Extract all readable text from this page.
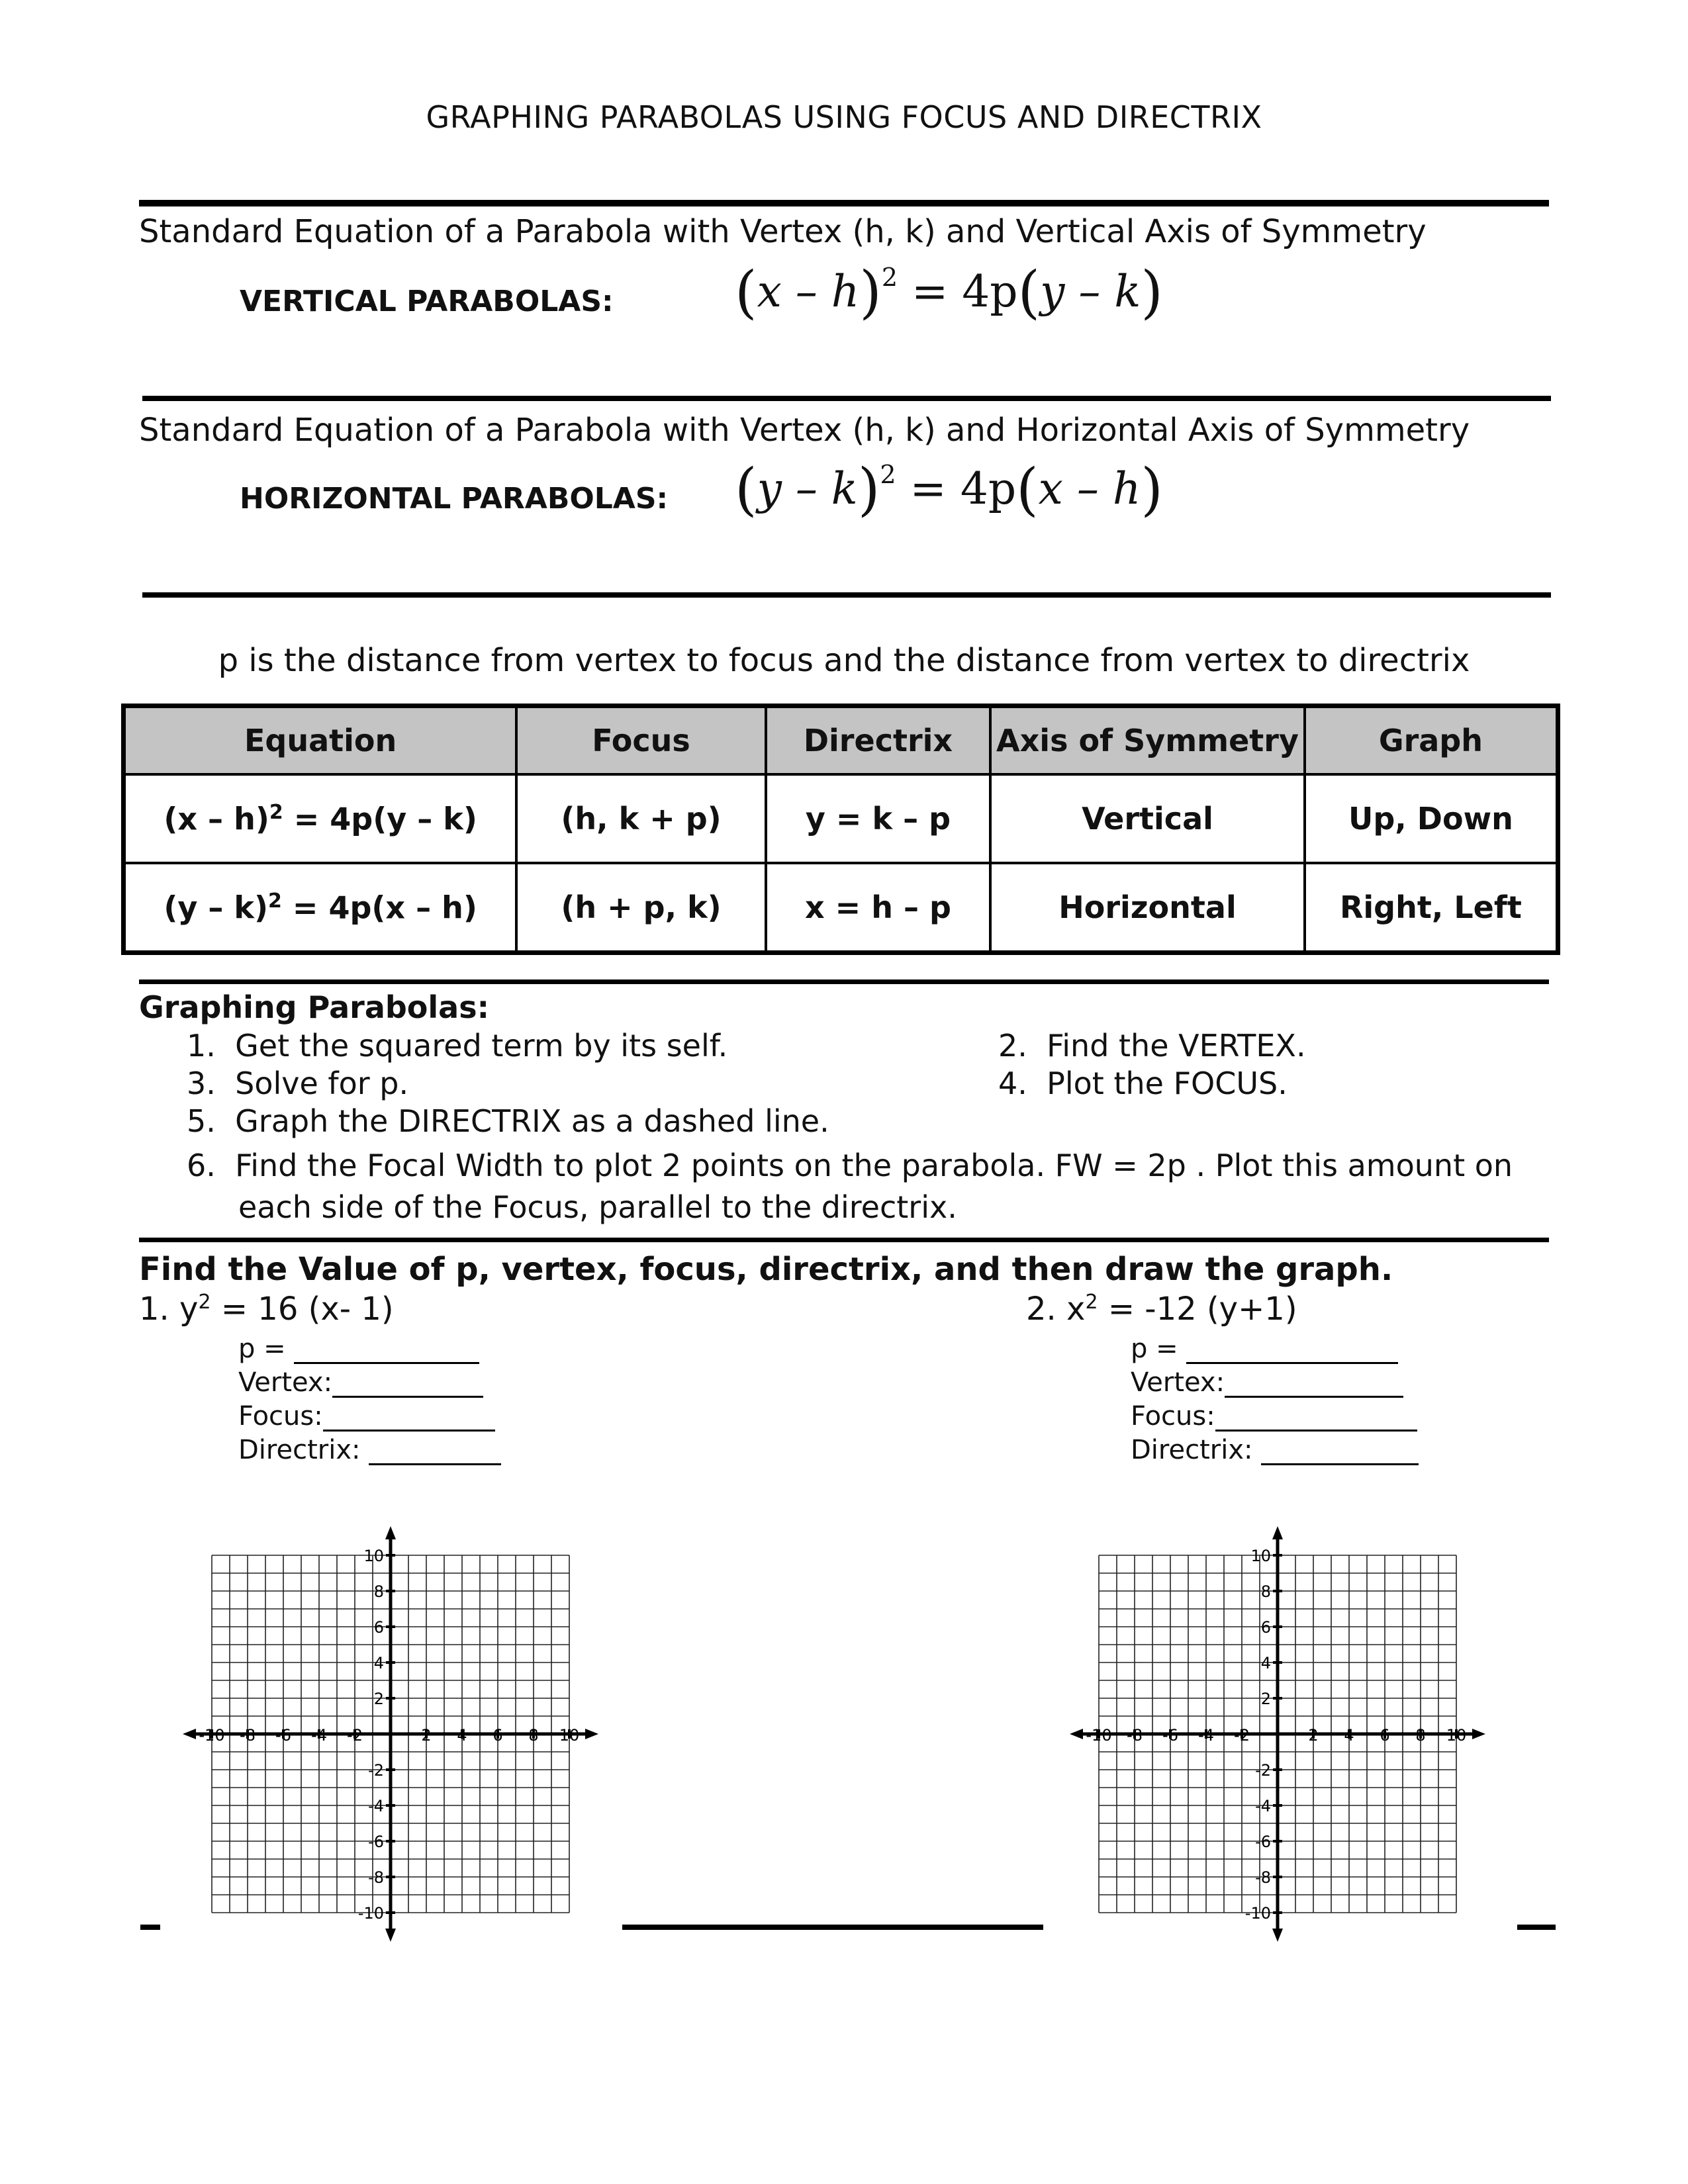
GRAPHING PARABOLAS USING FOCUS AND DIRECTRIX
Standard Equation of a Parabola with Vertex (h, k) and Vertical Axis of Symmetry
VERTICAL PARABOLAS: (x – h)$^2$ = 4p(y – k)
Standard Equation of a Parabola with Vertex (h, k) and Horizontal Axis of Symmetry
HORIZONTAL PARABOLAS: (y – k)$^2$ = 4p(x – h)
p is the distance from vertex to focus and the distance from vertex to directrix
Equation	Focus	Directrix	Axis of Symmetry	Graph
(x – h)$^2$ = 4p(y – k)	(h, k + p)	y = k – p	Vertical	Up, Down
(y – k)$^2$ = 4p(x – h)	(h + p, k)	x = h – p	Horizontal	Right, Left
Graphing Parabolas:
1. Get the squared term by its self.	2. Find the VERTEX.
3. Solve for p.	4. Plot the FOCUS.
5. Graph the DIRECTRIX as a dashed line.
6. Find the Focal Width to plot 2 points on the parabola. FW = 2p . Plot this amount on
each side of the Focus, parallel to the directrix.
Find the Value of p, vertex, focus, directrix, and then draw the graph.
1. $y^2 = 16$ (x- 1)	2. $x^2 = -12$ (y+1)
p =
Vertex:
Focus:
Directrix:
p =
Vertex:
Focus:
Directrix:
-10
-10
-8
-8
-6
-6
-4
-4
-2
-2
2
2
4
4
6
6
8
8
10
10
-10
-10
-8
-8
-6
-6
-4
-4
-2
-2
2
2
4
4
6
6
8
8
10
10
